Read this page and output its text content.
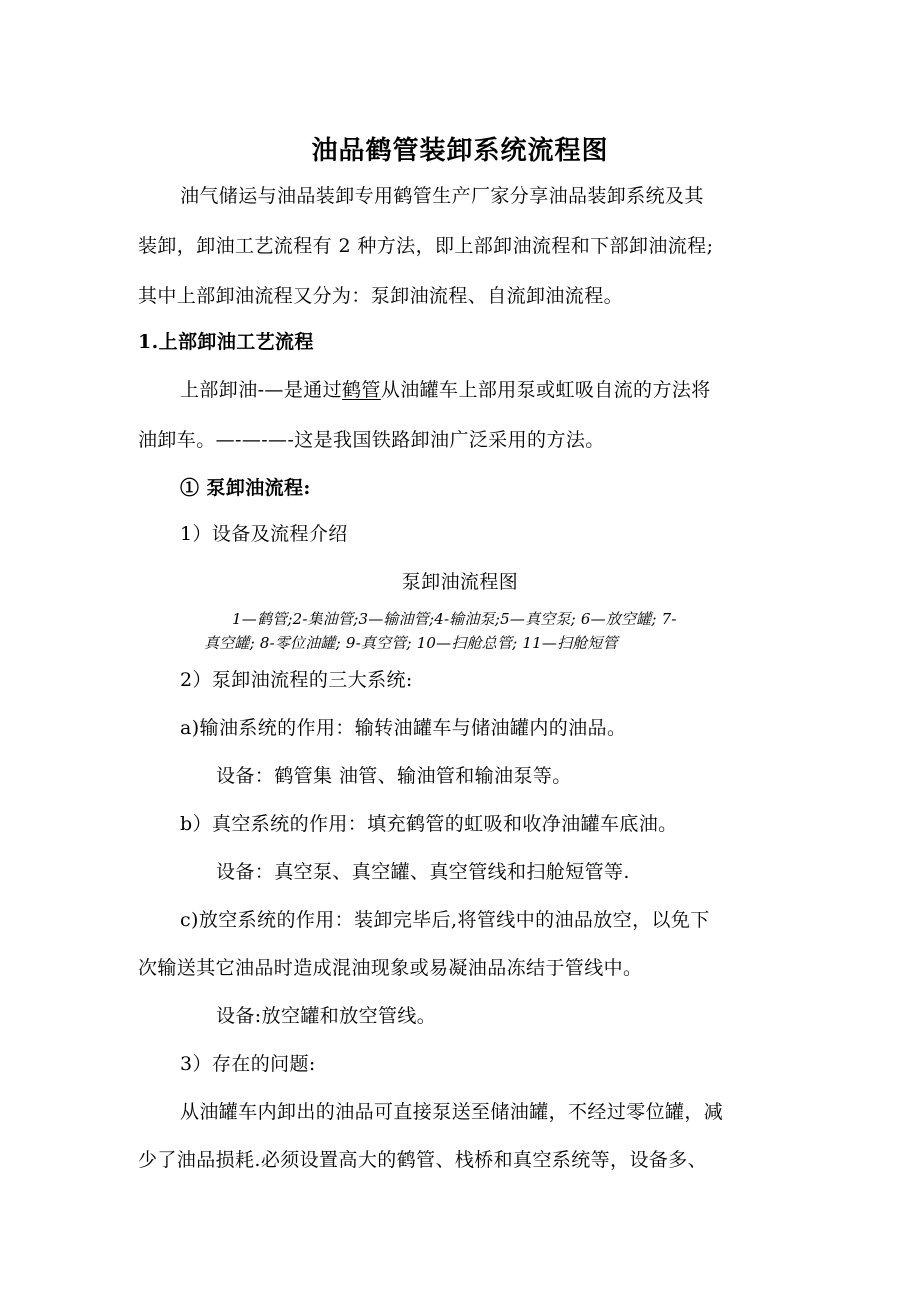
油品鹤管装卸系统流程图
油气储运与油品装卸专用鹤管生产厂家分享油品装卸系统及其
装卸，卸油工艺流程有 2 种方法，即上部卸油流程和下部卸油流程;
其中上部卸油流程又分为：泵卸油流程、自流卸油流程。
1.上部卸油工艺流程
上部卸油-—是通过鹤管从油罐车上部用泵或虹吸自流的方法将
油卸车。—-—-—-这是我国铁路卸油广泛采用的方法。
① 泵卸油流程:
1）设备及流程介绍
泵卸油流程图
1—鹤管;2-集油管;3—输油管;4-输油泵;5—真空泵; 6—放空罐; 7-
真空罐; 8-零位油罐; 9-真空管; 10—扫舱总管; 11—扫舱短管
2）泵卸油流程的三大系统:
a)输油系统的作用：输转油罐车与储油罐内的油品。
设备：鹤管集 油管、输油管和输油泵等。
b）真空系统的作用：填充鹤管的虹吸和收净油罐车底油。
设备：真空泵、真空罐、真空管线和扫舱短管等.
c)放空系统的作用：装卸完毕后,将管线中的油品放空，以免下
次输送其它油品时造成混油现象或易凝油品冻结于管线中。
设备:放空罐和放空管线。
3）存在的问题:
从油罐车内卸出的油品可直接泵送至储油罐，不经过零位罐，减
少了油品损耗.必须设置高大的鹤管、栈桥和真空系统等，设备多、
